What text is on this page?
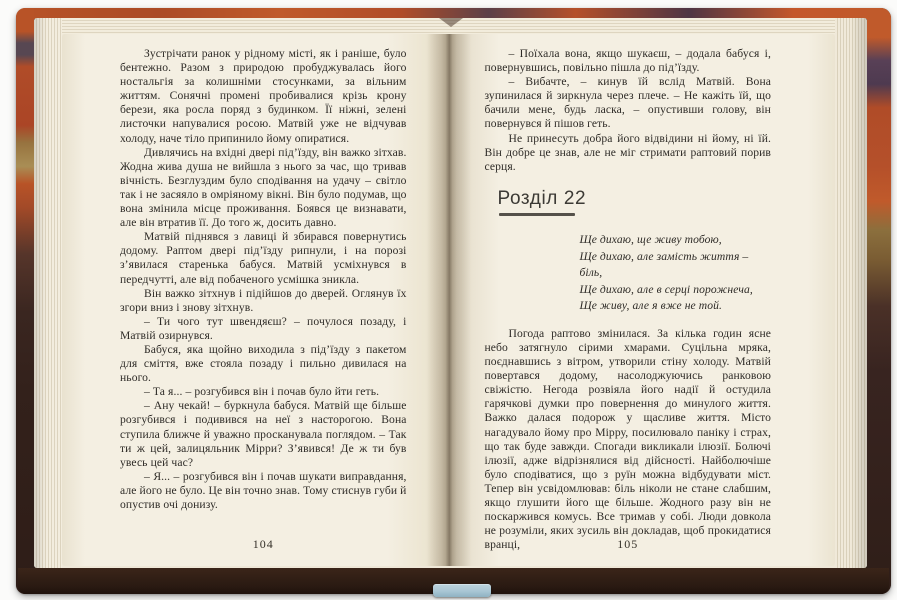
Зустрічати ранок у рідному місті, як і раніше, було бентежно. Разом з природою пробуджувалась його ностальгія за колишніми стосунками, за вільним життям. Сонячні промені пробивалися крізь крону берези, яка росла поряд з будинком. Її ніжні, зелені листочки напувалися росою. Матвій уже не відчував холоду, наче тіло припинило йому опиратися.

Дивлячись на вхідні двері під’їзду, він важко зітхав. Жодна жива душа не вийшла з нього за час, що тривав вічність. Безглуздим було сподівання на удачу – світло так і не засяяло в омріяному вікні. Він було подумав, що вона змінила місце проживання. Боявся це визнавати, але він втратив її. До того ж, досить давно.

Матвій піднявся з лавиці й збирався повернутись додому. Раптом двері під’їзду рипнули, і на порозі з’явилася старенька бабуся. Матвій усміхнувся в передчутті, але від побаченого усмішка зникла.

Він важко зітхнув і підійшов до дверей. Оглянув їх згори вниз і знову зітхнув.

– Ти чого тут швендяєш? – почулося позаду, і Матвій озирнувся.

Бабуся, яка щойно виходила з під’їзду з пакетом для сміття, вже стояла позаду і пильно дивилася на нього.

– Та я... – розгубився він і почав було йти геть.

– Ану чекай! – буркнула бабуся. Матвій ще більше розгубився і подивився на неї з насторогою. Вона ступила ближче й уважно просканувала поглядом. – Так ти ж цей, залицяльник Мірри? З’явився! Де ж ти був увесь цей час?

– Я... – розгубився він і почав шукати виправдання, але його не було. Це він точно знав. Тому стиснув губи й опустив очі донизу.

104

– Поїхала вона, якщо шукаєш, – додала бабуся і, повернувшись, повільно пішла до під’їзду.

– Вибачте, – кинув їй вслід Матвій. Вона зупинилася й зиркнула через плече. – Не кажіть їй, що бачили мене, будь ласка, – опустивши голову, він повернувся й пішов геть.

Не принесуть добра його відвідини ні йому, ні їй. Він добре це знав, але не міг стримати раптовий порив серця.

Розділ 22
Ще дихаю, ще живу тобою,
Ще дихаю, але замість життя – біль,
Ще дихаю, але в серці порожнеча,
Ще живу, але я вже не той.

Погода раптово змінилася. За кілька годин ясне небо затягнуло сірими хмарами. Суцільна мряка, поєднавшись з вітром, утворили стіну холоду. Матвій повертався додому, насолоджуючись ранковою свіжістю. Негода розвіяла його надії й остудила гарячкові думки про повернення до минулого життя. Важко далася подорож у щасливе життя. Місто нагадувало йому про Мірру, посилювало паніку і страх, що так буде завжди. Спогади викликали ілюзії. Болючі ілюзії, адже відрізнялися від дійсності. Найболючіше було сподіватися, що з руїн можна відбудувати міст. Тепер він усвідомлював: біль ніколи не стане слабшим, якщо глушити його ще більше. Жодного разу він не поскаржився комусь. Все тримав у собі. Люди довкола не розуміли, яких зусиль він докладав, щоб прокидатися вранці,	105
